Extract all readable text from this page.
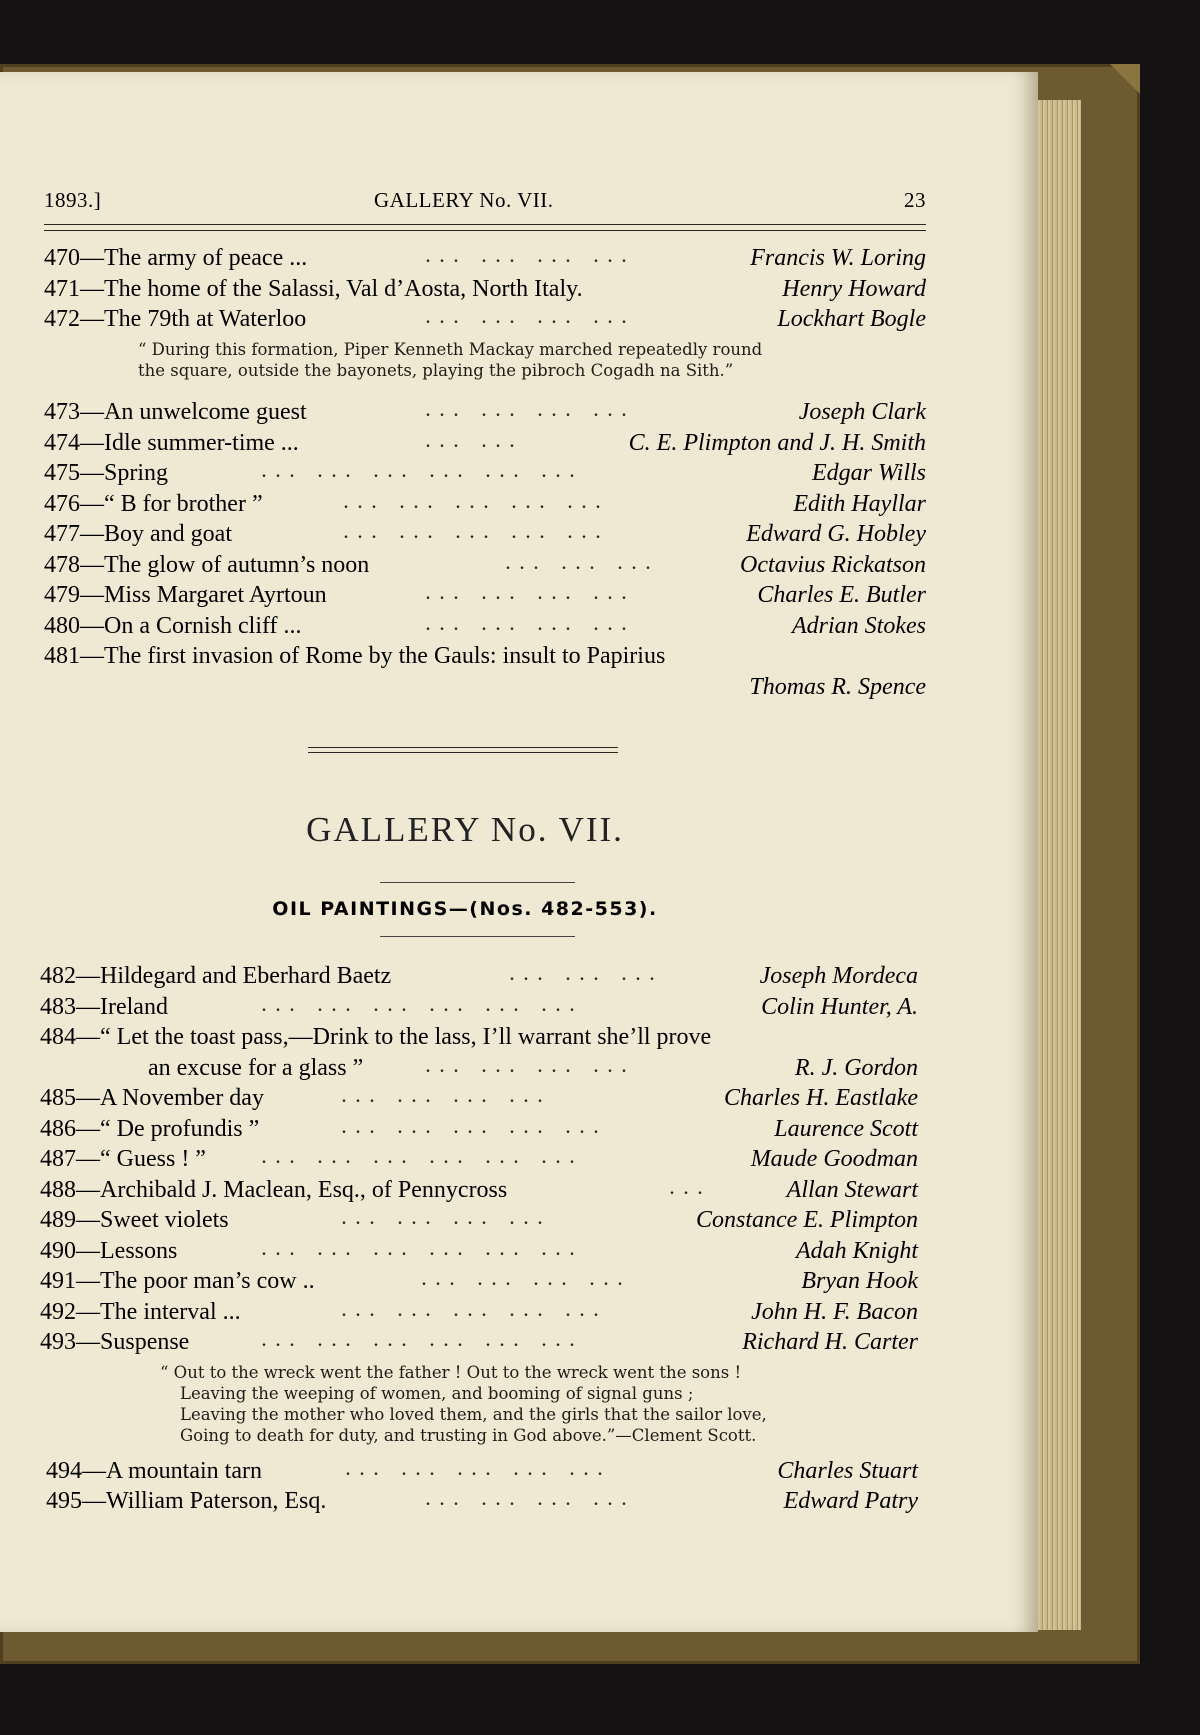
1893.]	GALLERY No. VII.	23
470—The army of peace ...	... ... ... ...	Francis W. Loring
471—The home of the Salassi, Val d’Aosta, North Italy.	Henry Howard
472—The 79th at Waterloo	... ... ... ...	Lockhart Bogle

“ During this formation, Piper Kenneth Mackay marched repeatedly round

the square, outside the bayonets, playing the pibroch Cogadh na Sith.”

473—An unwelcome guest	... ... ... ...	Joseph Clark
474—Idle summer-time ...	... ...	C. E. Plimpton and J. H. Smith
475—Spring	... ... ... ... ... ...	Edgar Wills
476—“ B for brother ”	... ... ... ... ...	Edith Hayllar
477—Boy and goat	... ... ... ... ...	Edward G. Hobley
478—The glow of autumn’s noon	... ... ...	Octavius Rickatson
479—Miss Margaret Ayrtoun	... ... ... ...	Charles E. Butler
480—On a Cornish cliff ...	... ... ... ...	Adrian Stokes
481—The first invasion of Rome by the Gauls: insult to Papirius
Thomas R. Spence
GALLERY No. VII.
OIL PAINTINGS—(Nos. 482-553).
482—Hildegard and Eberhard Baetz	... ... ...	Joseph Mordeca
483—Ireland	... ... ... ... ... ...	Colin Hunter, A.
484—“ Let the toast pass,—Drink to the lass, I’ll warrant she’ll prove
an excuse for a glass ”	... ... ... ...	R. J. Gordon
485—A November day	... ... ... ...	Charles H. Eastlake
486—“ De profundis ”	... ... ... ... ...	Laurence Scott
487—“ Guess ! ”	... ... ... ... ... ...	Maude Goodman
488—Archibald J. Maclean, Esq., of Pennycross	...	Allan Stewart
489—Sweet violets	... ... ... ...	Constance E. Plimpton
490—Lessons	... ... ... ... ... ...	Adah Knight
491—The poor man’s cow ..	... ... ... ...	Bryan Hook
492—The interval ...	... ... ... ... ...	John H. F. Bacon
493—Suspense	... ... ... ... ... ...	Richard H. Carter

“ Out to the wreck went the father ! Out to the wreck went the sons !

Leaving the weeping of women, and booming of signal guns ;

Leaving the mother who loved them, and the girls that the sailor love,

Going to death for duty, and trusting in God above.”—Clement Scott.

494—A mountain tarn	... ... ... ... ...	Charles Stuart
495—William Paterson, Esq.	... ... ... ...	Edward Patry
